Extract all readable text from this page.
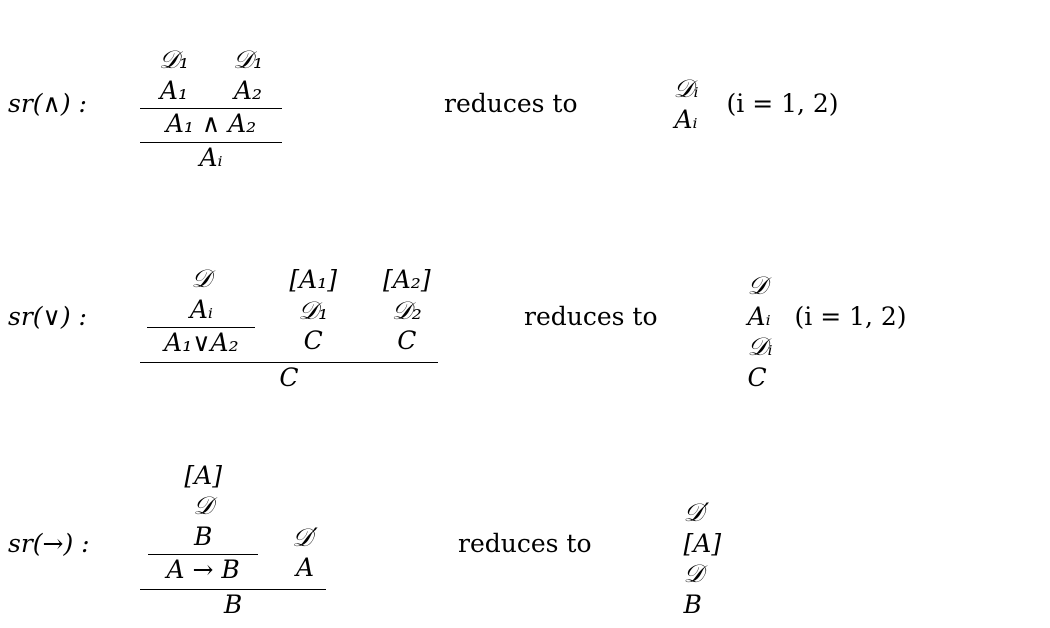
sr(∧) :
𝒟₁
A₁
𝒟₁
A₂
A₁ ∧ A₂
Aᵢ
reduces to
𝒟ᵢ
Aᵢ
(i = 1, 2)
sr(∨) :
𝒟
Aᵢ
A₁∨A₂
[A₁]
𝒟₁
C
[A₂]
𝒟₂
C
C
reduces to
𝒟
Aᵢ
𝒟ᵢ
C
(i = 1, 2)
sr(→) :
[A]
𝒟
B
A → B
𝒟′
A
B
reduces to
𝒟′
[A]
𝒟
B
